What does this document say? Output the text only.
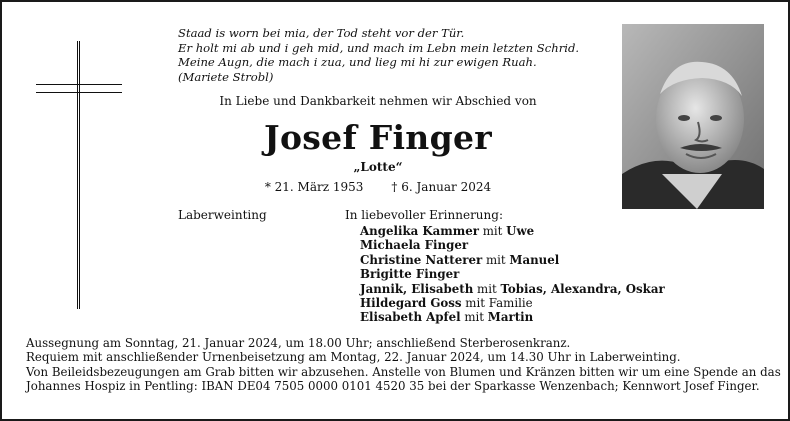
Staad is worn bei mia, der Tod steht vor der Tür.
Er holt mi ab und i geh mid, und mach im Lebn mein letzten Schrid.
Meine Augn, die mach i zua, und lieg mi hi zur ewigen Ruah.
(Mariete Strobl)
In Liebe und Dankbarkeit nehmen wir Abschied von
Josef Finger
„Lotte“
* 21. März 1953 † 6. Januar 2024
Laberweinting	In liebevoller Erinnerung:
Angelika Kammer mit Uwe
Michaela Finger
Christine Natterer mit Manuel
Brigitte Finger
Jannik, Elisabeth mit Tobias, Alexandra, Oskar
Hildegard Goss mit Familie
Elisabeth Apfel mit Martin
Aussegnung am Sonntag, 21. Januar 2024, um 18.00 Uhr; anschließend Sterberosenkranz.
Requiem mit anschließender Urnenbeisetzung am Montag, 22. Januar 2024, um 14.30 Uhr in Laberweinting.
Von Beileidsbezeugungen am Grab bitten wir abzusehen. Anstelle von Blumen und Kränzen bitten wir um eine Spende an das
Johannes Hospiz in Pentling: IBAN DE04 7505 0000 0101 4520 35 bei der Sparkasse Wenzenbach; Kennwort Josef Finger.
